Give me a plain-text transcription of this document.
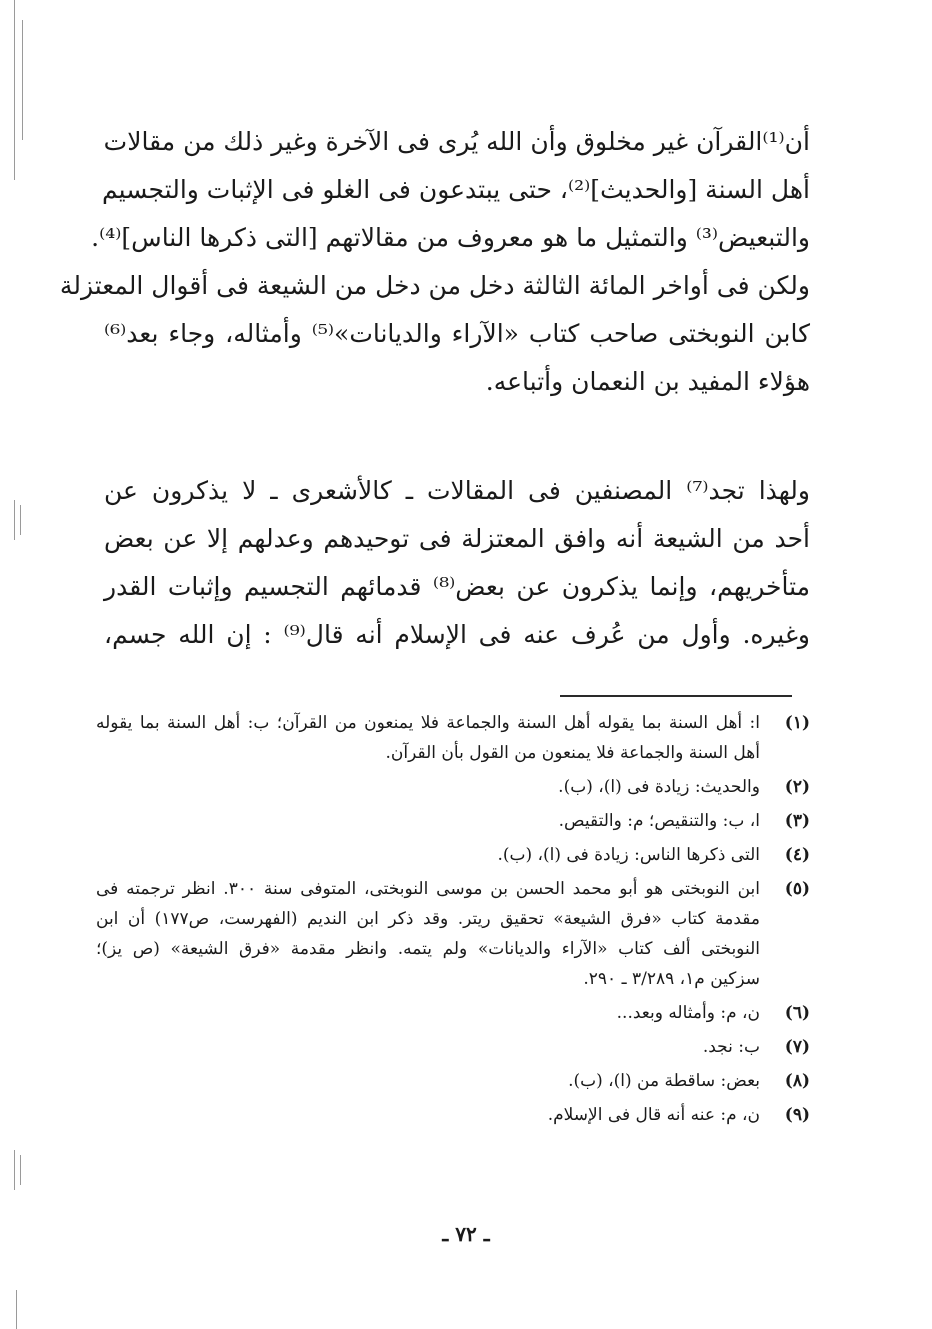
أن⁽¹⁾القرآن غير مخلوق وأن الله يُرى فى الآخرة وغير ذلك من مقالات
أهل السنة [والحديث]⁽²⁾، حتى يبتدعون فى الغلو فى الإثبات والتجسيم
والتبعيض⁽³⁾ والتمثيل ما هو معروف من مقالاتهم [التى ذكرها الناس]⁽⁴⁾.
ولكن فى أواخر المائة الثالثة دخل من دخل من الشيعة فى أقوال المعتزلة
كابن النوبختى صاحب كتاب «الآراء والديانات»⁽⁵⁾ وأمثاله، وجاء بعد⁽⁶⁾
هؤلاء المفيد بن النعمان وأتباعه.
ولهذا تجد⁽⁷⁾ المصنفين فى المقالات ـ كالأشعرى ـ لا يذكرون عن
أحد من الشيعة أنه وافق المعتزلة فى توحيدهم وعدلهم إلا عن بعض
متأخريهم، وإنما يذكرون عن بعض⁽⁸⁾ قدمائهم التجسيم وإثبات القدر
وغيره. وأول من عُرف عنه فى الإسلام أنه قال⁽⁹⁾ : إن الله جسم،
(١)
ا: أهل السنة بما يقوله أهل السنة والجماعة فلا يمنعون من القرآن؛ ب: أهل السنة بما يقوله
أهل السنة والجماعة فلا يمنعون من القول بأن القرآن.
(٢)
والحديث: زيادة فى (ا)، (ب).
(٣)
ا، ب: والتنقيص؛ م: والتقيص.
(٤)
التى ذكرها الناس: زيادة فى (ا)، (ب).
(٥)
ابن النوبختى هو أبو محمد الحسن بن موسى النوبختى، المتوفى سنة ٣٠٠. انظر ترجمته فى
مقدمة كتاب «فرق الشيعة» تحقيق ريتر. وقد ذكر ابن النديم (الفهرست، ص١٧٧) أن ابن
النوبختى ألف كتاب «الآراء والديانات» ولم يتمه. وانظر مقدمة «فرق الشيعة» (ص يز)؛
سزكين م١، ٣/٢٨٩ ـ ٢٩٠.
(٦)
ن، م: وأمثاله وبعد...
(٧)
ب: نجد.
(٨)
بعض: ساقطة من (ا)، (ب).
(٩)
ن، م: عنه أنه قال فى الإسلام.
ـ ٧٢ ـ
